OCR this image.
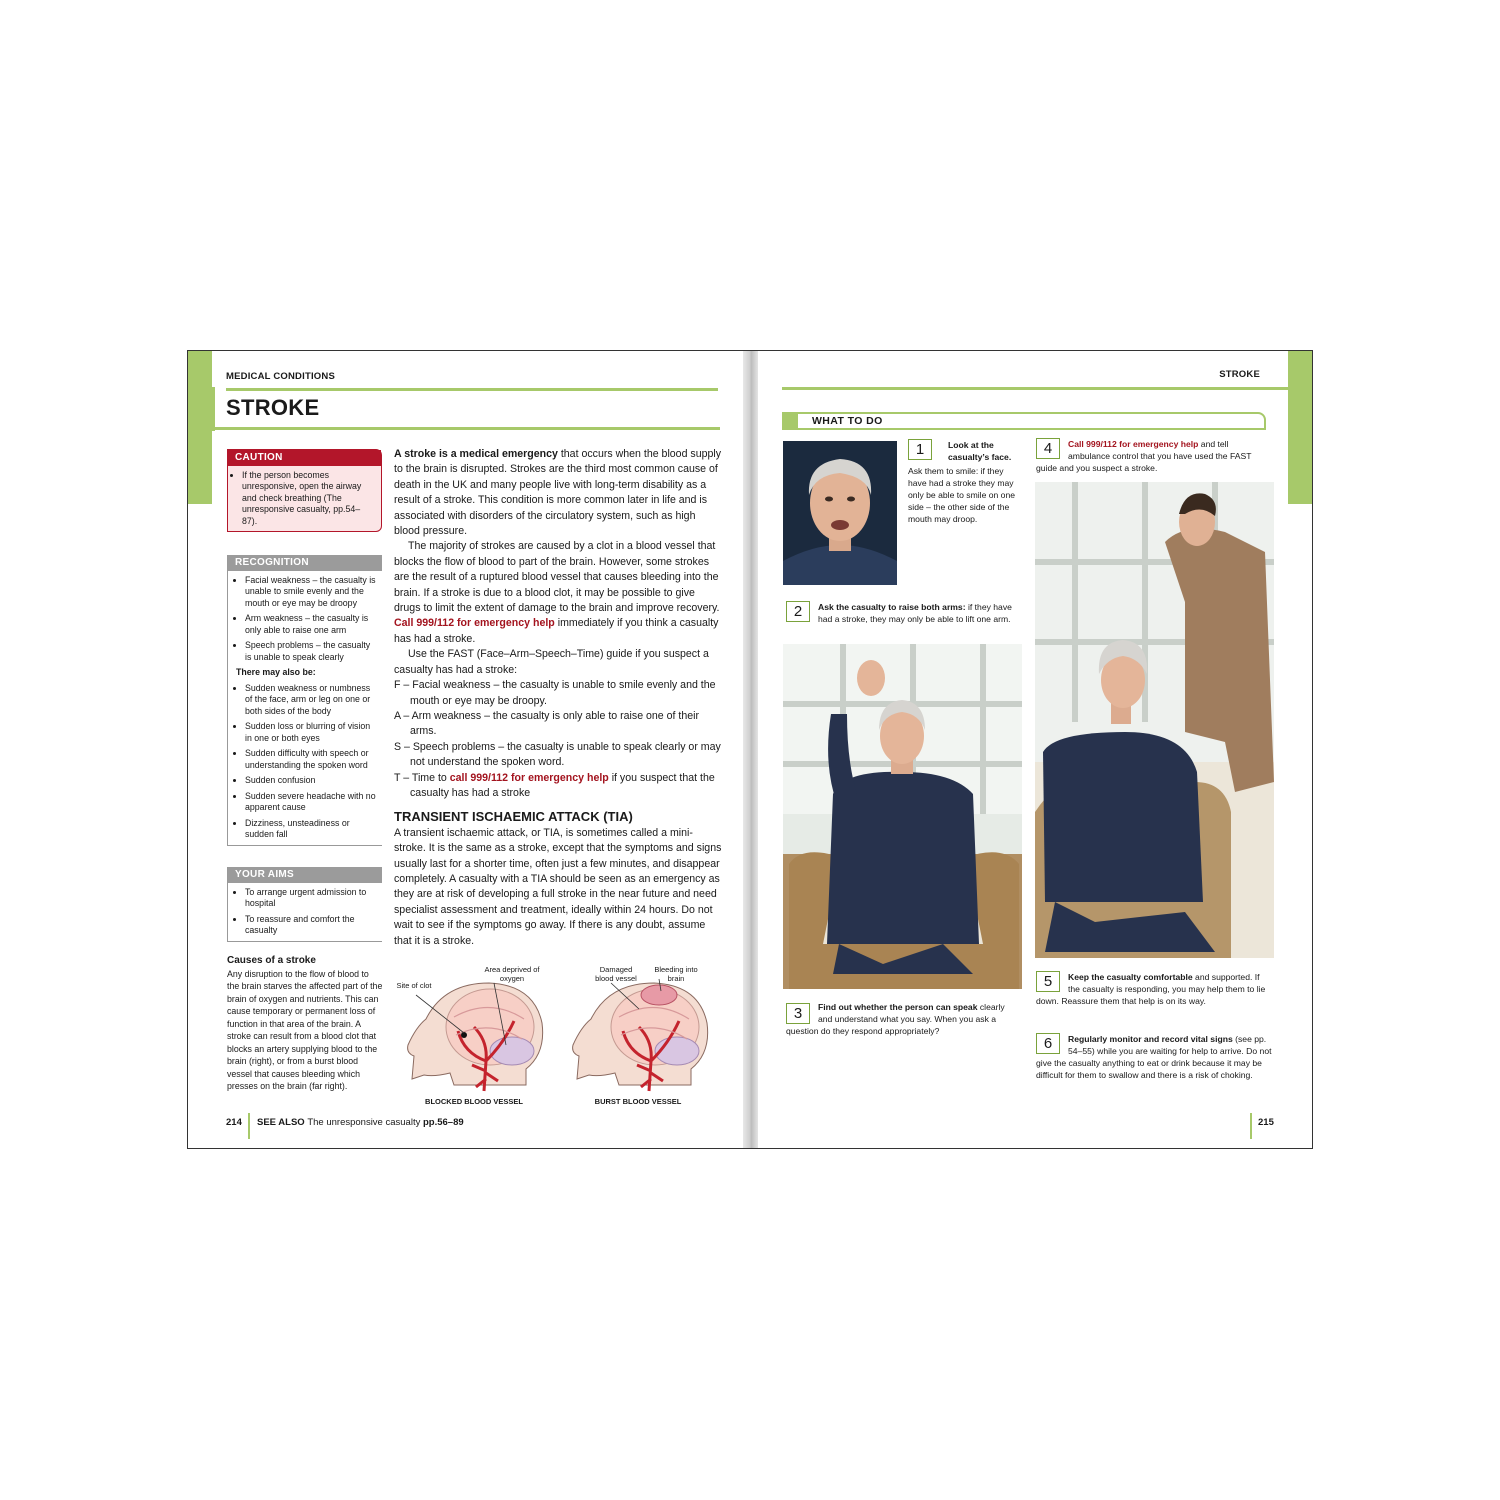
MEDICAL CONDITIONS
STROKE
CAUTION
• If the person becomes unresponsive, open the airway and check breathing (The unresponsive casualty, pp.54–87).
RECOGNITION
• Facial weakness – the casualty is unable to smile evenly and the mouth or eye may be droopy
• Arm weakness – the casualty is only able to raise one arm
• Speech problems – the casualty is unable to speak clearly
There may also be:
• Sudden weakness or numbness of the face, arm or leg on one or both sides of the body
• Sudden loss or blurring of vision in one or both eyes
• Sudden difficulty with speech or understanding the spoken word
• Sudden confusion
• Sudden severe headache with no apparent cause
• Dizziness, unsteadiness or sudden fall
YOUR AIMS
• To arrange urgent admission to hospital
• To reassure and comfort the casualty
Causes of a stroke
Any disruption to the flow of blood to the brain starves the affected part of the brain of oxygen and nutrients. This can cause temporary or permanent loss of function in that area of the brain. A stroke can result from a blood clot that blocks an artery supplying blood to the brain (right), or from a burst blood vessel that causes bleeding which presses on the brain (far right).

A stroke is a medical emergency that occurs when the blood supply to the brain is disrupted. Strokes are the third most common cause of death in the UK and many people live with long-term disability as a result of a stroke. This condition is more common later in life and is associated with disorders of the circulatory system, such as high blood pressure.

The majority of strokes are caused by a clot in a blood vessel that blocks the flow of blood to part of the brain. However, some strokes are the result of a ruptured blood vessel that causes bleeding into the brain. If a stroke is due to a blood clot, it may be possible to give drugs to limit the extent of damage to the brain and improve recovery. Call 999/112 for emergency help immediately if you think a casualty has had a stroke.

Use the FAST (Face–Arm–Speech–Time) guide if you suspect a casualty has had a stroke:

F – Facial weakness – the casualty is unable to smile evenly and the mouth or eye may be droopy.

A – Arm weakness – the casualty is only able to raise one of their arms.

S – Speech problems – the casualty is unable to speak clearly or may not understand the spoken word.

T – Time to call 999/112 for emergency help if you suspect that the casualty has had a stroke

TRANSIENT ISCHAEMIC ATTACK (TIA)

A transient ischaemic attack, or TIA, is sometimes called a mini-stroke. It is the same as a stroke, except that the symptoms and signs usually last for a shorter time, often just a few minutes, and disappear completely. A casualty with a TIA should be seen as an emergency as they are at risk of developing a full stroke in the near future and need specialist assessment and treatment, ideally within 24 hours. Do not wait to see if the symptoms go away. If there is any doubt, assume that it is a stroke.

Site of clot
Area deprived of oxygen
Damaged blood vessel
Bleeding into brain
BLOCKED BLOOD VESSEL	BURST BLOOD VESSEL
214 SEE ALSO The unresponsive casualty pp.56–89
STROKE
WHAT TO DO
1	Look at the casualty’s face.
Ask them to smile: if they have had a stroke they may only be able to smile on one side – the other side of the mouth may droop.
2	Ask the casualty to raise both arms: if they have had a stroke, they may only be able to lift one arm.
3	Find out whether the person can speak clearly and understand what you say. When you ask a question do they respond appropriately?
4	Call 999/112 for emergency help and tell ambulance control that you have used the FAST guide and you suspect a stroke.
5	Keep the casualty comfortable and supported. If the casualty is responding, you may help them to lie down. Reassure them that help is on its way.
6	Regularly monitor and record vital signs (see pp. 54–55) while you are waiting for help to arrive. Do not give the casualty anything to eat or drink because it may be difficult for them to swallow and there is a risk of choking.
215
